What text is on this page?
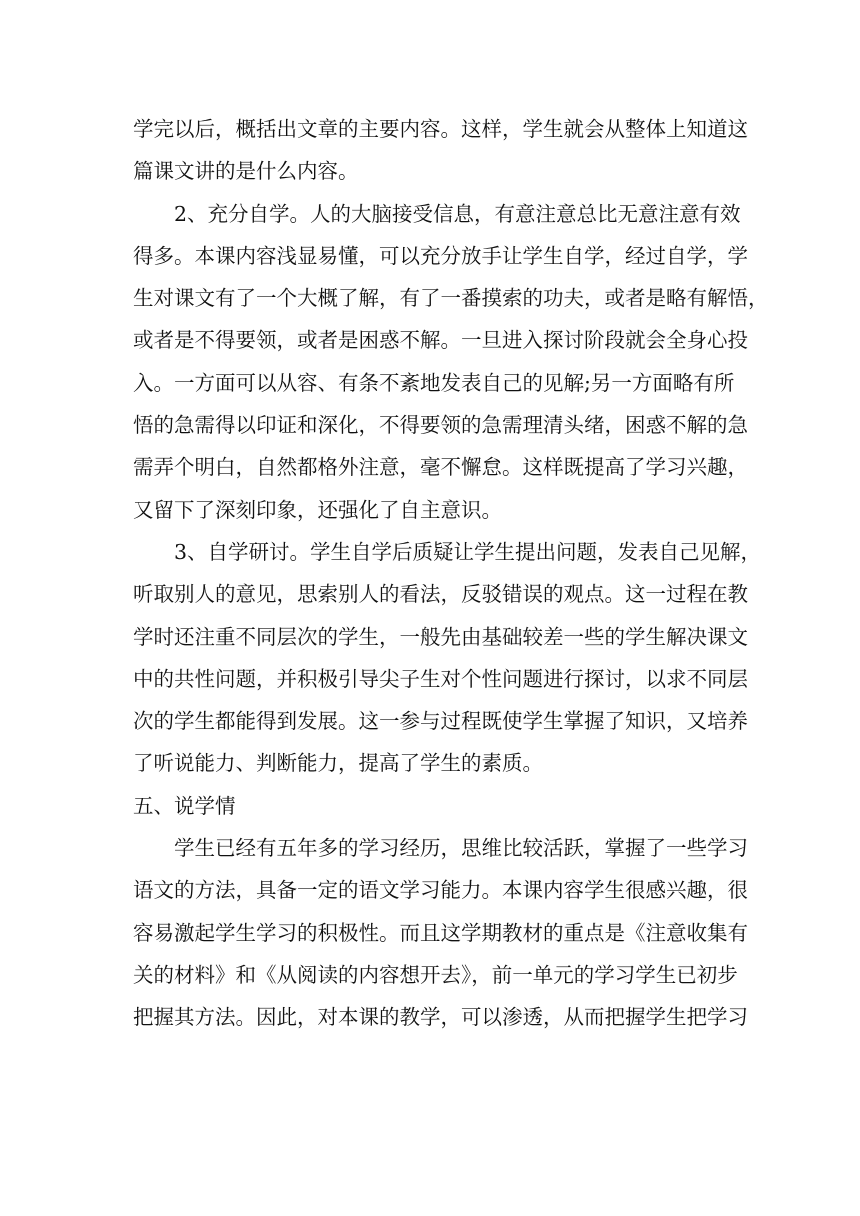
学完以后，概括出文章的主要内容。这样，学生就会从整体上知道这
篇课文讲的是什么内容。
2、充分自学。人的大脑接受信息，有意注意总比无意注意有效
得多。本课内容浅显易懂，可以充分放手让学生自学，经过自学，学
生对课文有了一个大概了解，有了一番摸索的功夫，或者是略有解悟，
或者是不得要领，或者是困惑不解。一旦进入探讨阶段就会全身心投
入。一方面可以从容、有条不紊地发表自己的见解;另一方面略有所
悟的急需得以印证和深化，不得要领的急需理清头绪，困惑不解的急
需弄个明白，自然都格外注意，毫不懈怠。这样既提高了学习兴趣，
又留下了深刻印象，还强化了自主意识。
3、自学研讨。学生自学后质疑让学生提出问题，发表自己见解，
听取别人的意见，思索别人的看法，反驳错误的观点。这一过程在教
学时还注重不同层次的学生，一般先由基础较差一些的学生解决课文
中的共性问题，并积极引导尖子生对个性问题进行探讨，以求不同层
次的学生都能得到发展。这一参与过程既使学生掌握了知识，又培养
了听说能力、判断能力，提高了学生的素质。
五、说学情
学生已经有五年多的学习经历，思维比较活跃，掌握了一些学习
语文的方法，具备一定的语文学习能力。本课内容学生很感兴趣，很
容易激起学生学习的积极性。而且这学期教材的重点是《注意收集有
关的材料》和《从阅读的内容想开去》，前一单元的学习学生已初步
把握其方法。因此，对本课的教学，可以渗透，从而把握学生把学习
